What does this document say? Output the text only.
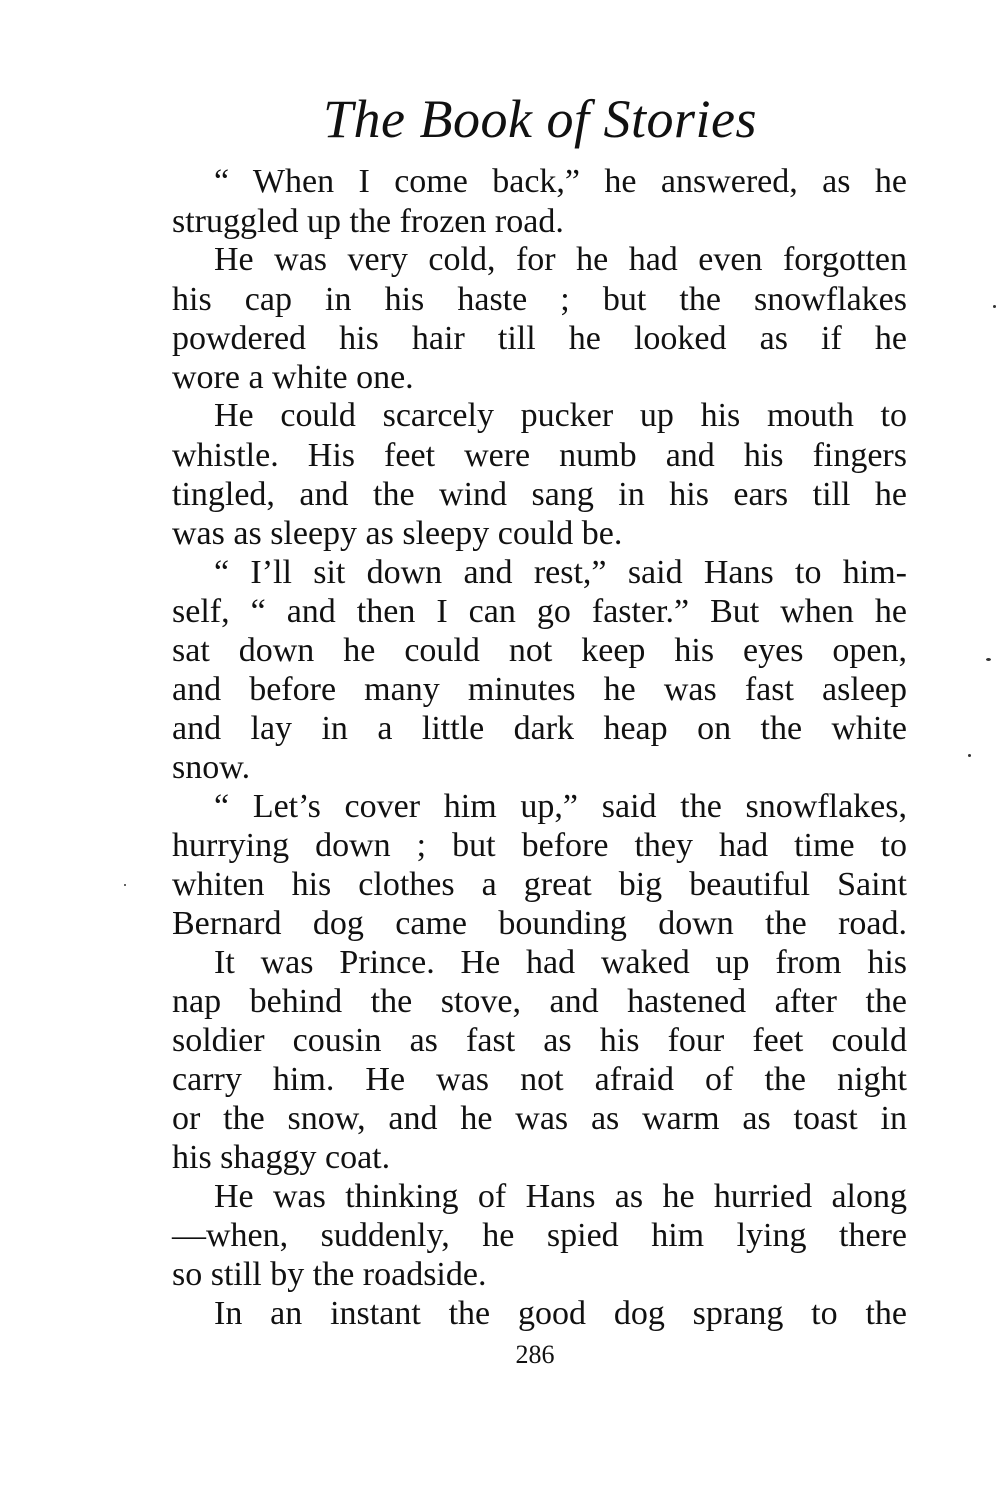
The Book of Stories
“ When I come back,” he answered, as he
struggled up the frozen road.
He was very cold, for he had even forgotten
his cap in his haste ; but the snowflakes
powdered his hair till he looked as if he
wore a white one.
He could scarcely pucker up his mouth to
whistle. His feet were numb and his fingers
tingled, and the wind sang in his ears till he
was as sleepy as sleepy could be.
“ I’ll sit down and rest,” said Hans to him-
self, “ and then I can go faster.” But when he
sat down he could not keep his eyes open,
and before many minutes he was fast asleep
and lay in a little dark heap on the white
snow.
“ Let’s cover him up,” said the snowflakes,
hurrying down ; but before they had time to
whiten his clothes a great big beautiful Saint
Bernard dog came bounding down the road.
It was Prince. He had waked up from his
nap behind the stove, and hastened after the
soldier cousin as fast as his four feet could
carry him. He was not afraid of the night
or the snow, and he was as warm as toast in
his shaggy coat.
He was thinking of Hans as he hurried along
—when, suddenly, he spied him lying there
so still by the roadside.
In an instant the good dog sprang to the
286
